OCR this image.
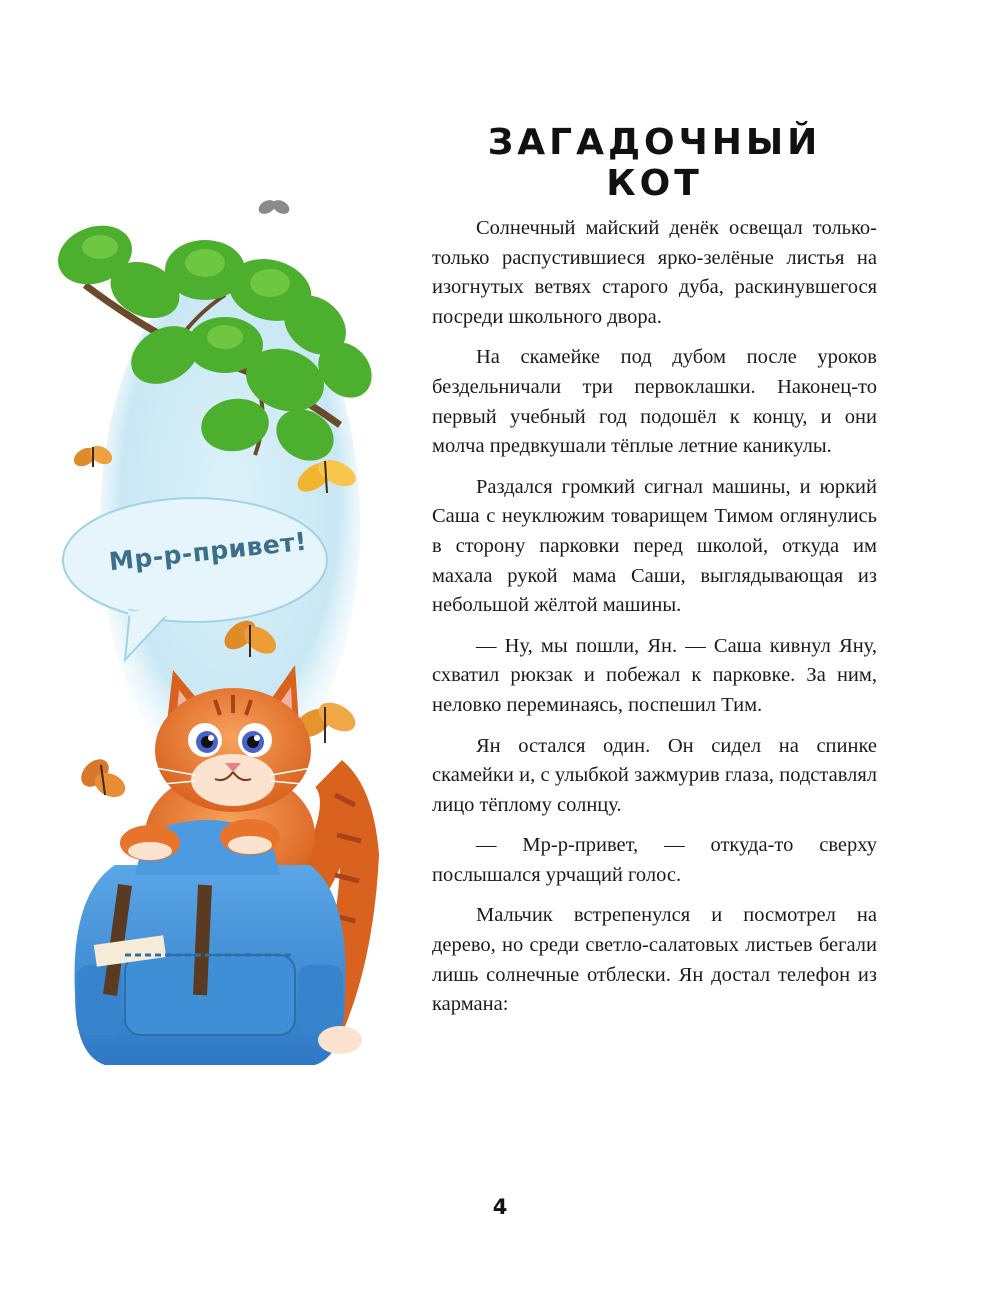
Мр-р-привет!
ЗАГАДОЧНЫЙ КОТ

Солнечный майский денёк освещал только-только распустившиеся ярко-зелёные листья на изогнутых ветвях старого дуба, раскинувшегося посреди школьного двора.

На скамейке под дубом после уроков бездельничали три первоклашки. Наконец-то первый учебный год подошёл к концу, и они молча предвкушали тёплые летние каникулы.

Раздался громкий сигнал машины, и юркий Саша с неуклюжим товарищем Тимом оглянулись в сторону парковки перед школой, откуда им махала рукой мама Саши, выглядывающая из небольшой жёлтой машины.

— Ну, мы пошли, Ян. — Саша кивнул Яну, схватил рюкзак и побежал к парковке. За ним, неловко переминаясь, поспешил Тим.

Ян остался один. Он сидел на спинке скамейки и, с улыбкой зажмурив глаза, подставлял лицо тёплому солнцу.

— Мр-р-привет, — откуда-то сверху послышался урчащий голос.

Мальчик встрепенулся и посмотрел на дерево, но среди светло-салатовых листьев бегали лишь солнечные отблески. Ян достал телефон из кармана:

4
